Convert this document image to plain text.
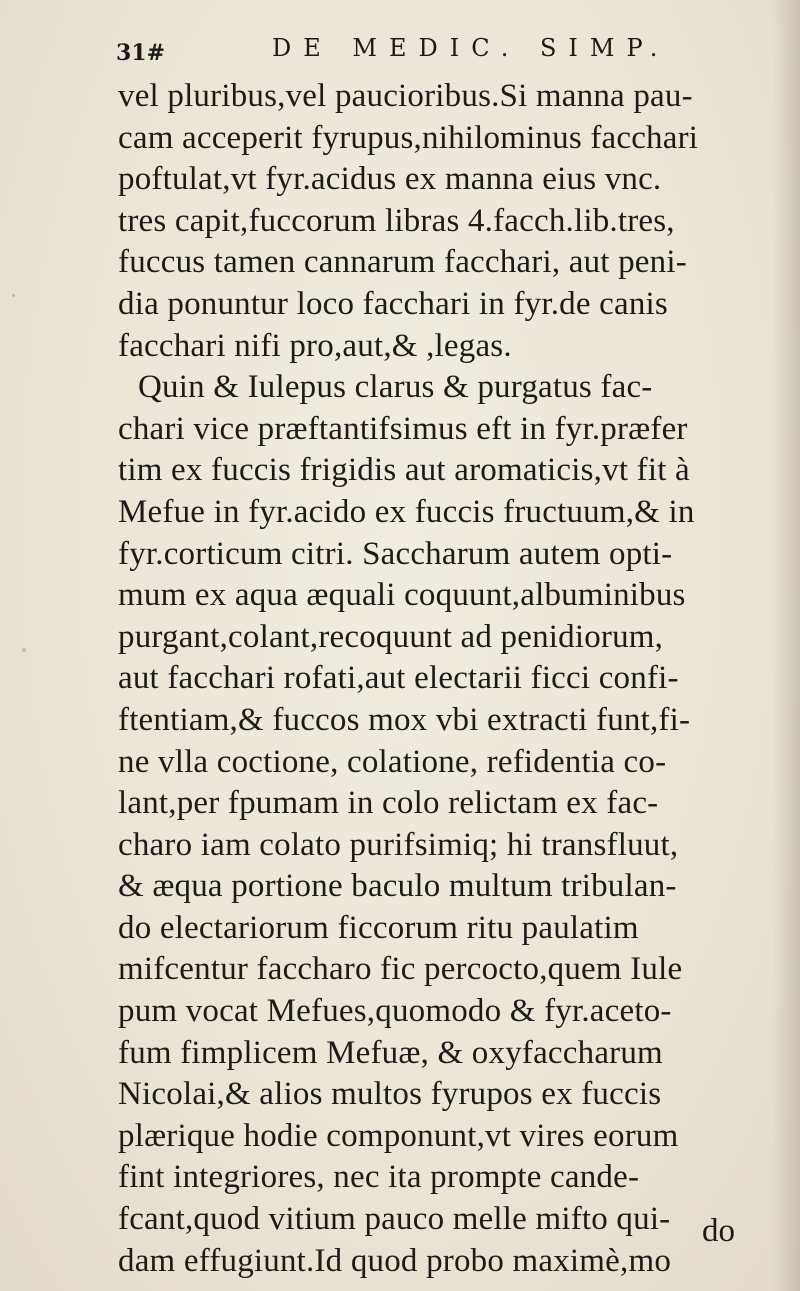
31#	DE MEDIC. SIMP.
vel pluribus,vel paucioribus.Si manna pau-
cam acceperit fyrupus,nihilominus facchari
poftulat,vt fyr.acidus ex manna eius vnc.
tres capit,fuccorum libras 4.facch.lib.tres,
fuccus tamen cannarum facchari, aut peni-
dia ponuntur loco facchari in fyr.de canis
facchari nifi pro,aut,& ,legas.
Quin & Iulepus clarus & purgatus fac-
chari vice præftantifsimus eft in fyr.præfer
tim ex fuccis frigidis aut aromaticis,vt fit à
Mefue in fyr.acido ex fuccis fructuum,& in
fyr.corticum citri. Saccharum autem opti-
mum ex aqua æquali coquunt,albuminibus
purgant,colant,recoquunt ad penidiorum,
aut facchari rofati,aut electarii ficci confi-
ftentiam,& fuccos mox vbi extracti funt,fi-
ne vlla coctione, colatione, refidentia co-
lant,per fpumam in colo relictam ex fac-
charo iam colato purifsimiq; hi transfluut,
& æqua portione baculo multum tribulan-
do electariorum ficcorum ritu paulatim
mifcentur faccharo fic percocto,quem Iule
pum vocat Mefues,quomodo & fyr.aceto-
fum fimplicem Mefuæ, & oxyfaccharum
Nicolai,& alios multos fyrupos ex fuccis
plærique hodie componunt,vt vires eorum
fint integriores, nec ita prompte cande-
fcant,quod vitium pauco melle mifto qui-
dam effugiunt.Id quod probo maximè,mo
do
